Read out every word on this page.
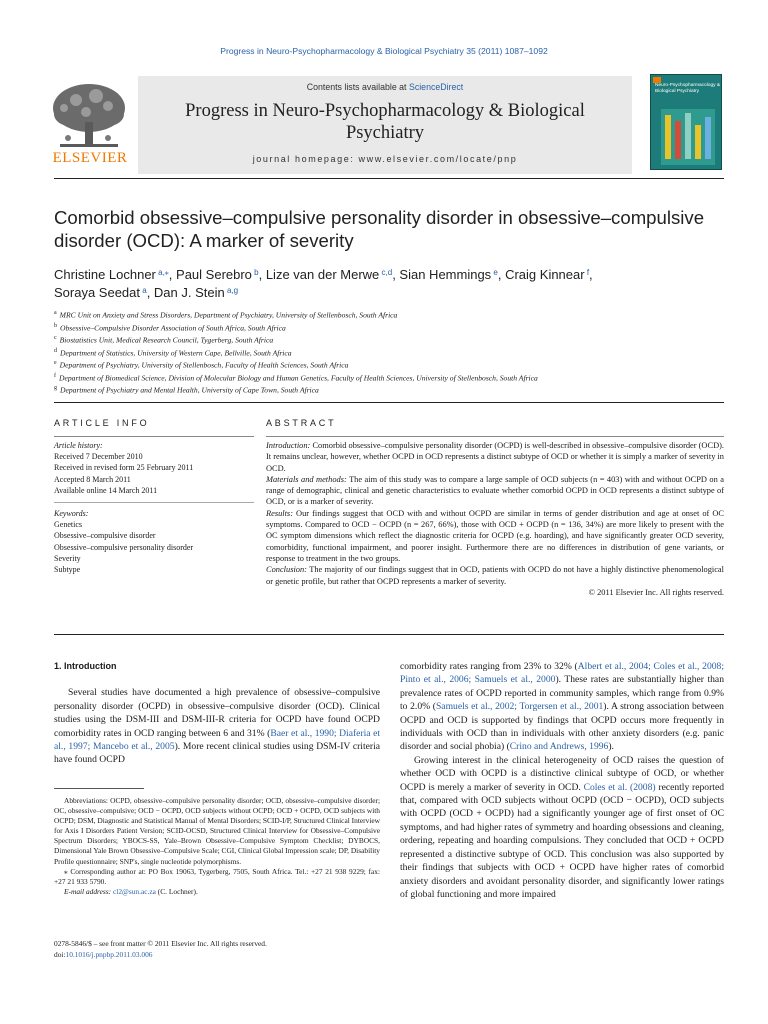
Progress in Neuro-Psychopharmacology & Biological Psychiatry 35 (2011) 1087–1092
Contents lists available at ScienceDirect
Progress in Neuro-Psychopharmacology & Biological Psychiatry
journal homepage: www.elsevier.com/locate/pnp
ELSEVIER
Neuro-Psychopharmacology & Biological Psychiatry
Comorbid obsessive–compulsive personality disorder in obsessive–compulsive disorder (OCD): A marker of severity
Christine Lochner $^{a,⁎}$, Paul Serebro $^b$, Lize van der Merwe $^{c,d}$, Sian Hemmings $^e$, Craig Kinnear $^f$,
Soraya Seedat $^a$, Dan J. Stein $^{a,g}$
$^a$ MRC Unit on Anxiety and Stress Disorders, Department of Psychiatry, University of Stellenbosch, South Africa
$^b$ Obsessive–Compulsive Disorder Association of South Africa, South Africa
$^c$ Biostatistics Unit, Medical Research Council, Tygerberg, South Africa
$^d$ Department of Statistics, University of Western Cape, Bellville, South Africa
$^e$ Department of Psychiatry, University of Stellenbosch, Faculty of Health Sciences, South Africa
$^f$ Department of Biomedical Science, Division of Molecular Biology and Human Genetics, Faculty of Health Sciences, University of Stellenbosch, South Africa
$^g$ Department of Psychiatry and Mental Health, University of Cape Town, South Africa
ARTICLE INFO	ABSTRACT
Article history:
Received 7 December 2010
Received in revised form 25 February 2011
Accepted 8 March 2011
Available online 14 March 2011
Keywords:
Genetics
Obsessive–compulsive disorder
Obsessive–compulsive personality disorder
Severity
Subtype

Introduction: Comorbid obsessive–compulsive personality disorder (OCPD) is well-described in obsessive–compulsive disorder (OCD). It remains unclear, however, whether OCPD in OCD represents a distinct subtype of OCD or whether it is simply a marker of severity in OCD.

Materials and methods: The aim of this study was to compare a large sample of OCD subjects (n = 403) with and without OCPD on a range of demographic, clinical and genetic characteristics to evaluate whether comorbid OCPD in OCD represents a distinct subtype of OCD, or is a marker of severity.

Results: Our findings suggest that OCD with and without OCPD are similar in terms of gender distribution and age at onset of OC symptoms. Compared to OCD − OCPD (n = 267, 66%), those with OCD + OCPD (n = 136, 34%) are more likely to present with the OC symptom dimensions which reflect the diagnostic criteria for OCPD (e.g. hoarding), and have significantly greater OCD severity, comorbidity, functional impairment, and poorer insight. Furthermore there are no differences in distribution of gene variants, or response to treatment in the two groups.

Conclusion: The majority of our findings suggest that in OCD, patients with OCPD do not have a highly distinctive phenomenological or genetic profile, but rather that OCPD represents a marker of severity.

© 2011 Elsevier Inc. All rights reserved.

1. Introduction

Several studies have documented a high prevalence of obsessive–compulsive personality disorder (OCPD) in obsessive–compulsive disorder (OCD). Clinical studies using the DSM-III and DSM-III-R criteria for OCPD have found OCPD comorbidity rates in OCD ranging between 6 and 31% (Baer et al., 1990; Diaferia et al., 1997; Mancebo et al., 2005). More recent clinical studies using DSM-IV criteria have found OCPD

Abbreviations: OCPD, obsessive–compulsive personality disorder; OCD, obsessive–compulsive disorder; OC, obsessive–compulsive; OCD − OCPD, OCD subjects without OCPD; OCD + OCPD, OCD subjects with OCPD; DSM, Diagnostic and Statistical Manual of Mental Disorders; SCID-I/P, Structured Clinical Interview for Axis I Disorders Patient Version; SCID-OCSD, Structured Clinical Interview for Obsessive–Compulsive Spectrum Disorders; YBOCS-SS, Yale–Brown Obsessive–Compulsive Symptom Checklist; DYBOCS, Dimensional Yale Brown Obsessive–Compulsive Scale; CGI, Clinical Global Impression scale; DP, Disability Profile questionnaire; SNP's, single nucleotide polymorphisms.

⁎ Corresponding author at: PO Box 19063, Tygerberg, 7505, South Africa. Tel.: +27 21 938 9229; fax: +27 21 933 5790.

E-mail address: cl2@sun.ac.za (C. Lochner).

0278-5846/$ – see front matter © 2011 Elsevier Inc. All rights reserved.
doi:10.1016/j.pnpbp.2011.03.006

comorbidity rates ranging from 23% to 32% (Albert et al., 2004; Coles et al., 2008; Pinto et al., 2006; Samuels et al., 2000). These rates are substantially higher than prevalence rates of OCPD reported in community samples, which range from 0.9% to 2.0% (Samuels et al., 2002; Torgersen et al., 2001). A strong association between OCPD and OCD is supported by findings that OCPD occurs more frequently in individuals with OCD than in individuals with other anxiety disorders (e.g. panic disorder and social phobia) (Crino and Andrews, 1996).

Growing interest in the clinical heterogeneity of OCD raises the question of whether OCD with OCPD is a distinctive clinical subtype of OCD, or whether OCPD is merely a marker of severity in OCD. Coles et al. (2008) recently reported that, compared with OCD subjects without OCPD (OCD − OCPD), OCD subjects with OCPD (OCD + OCPD) had a significantly younger age of first onset of OC symptoms, and had higher rates of symmetry and hoarding obsessions and cleaning, ordering, repeating and hoarding compulsions. They concluded that OCD + OCPD represented a distinctive subtype of OCD. This conclusion was also supported by their findings that subjects with OCD + OCPD have higher rates of comorbid anxiety disorders and avoidant personality disorder, and significantly lower ratings of global functioning and more impaired
